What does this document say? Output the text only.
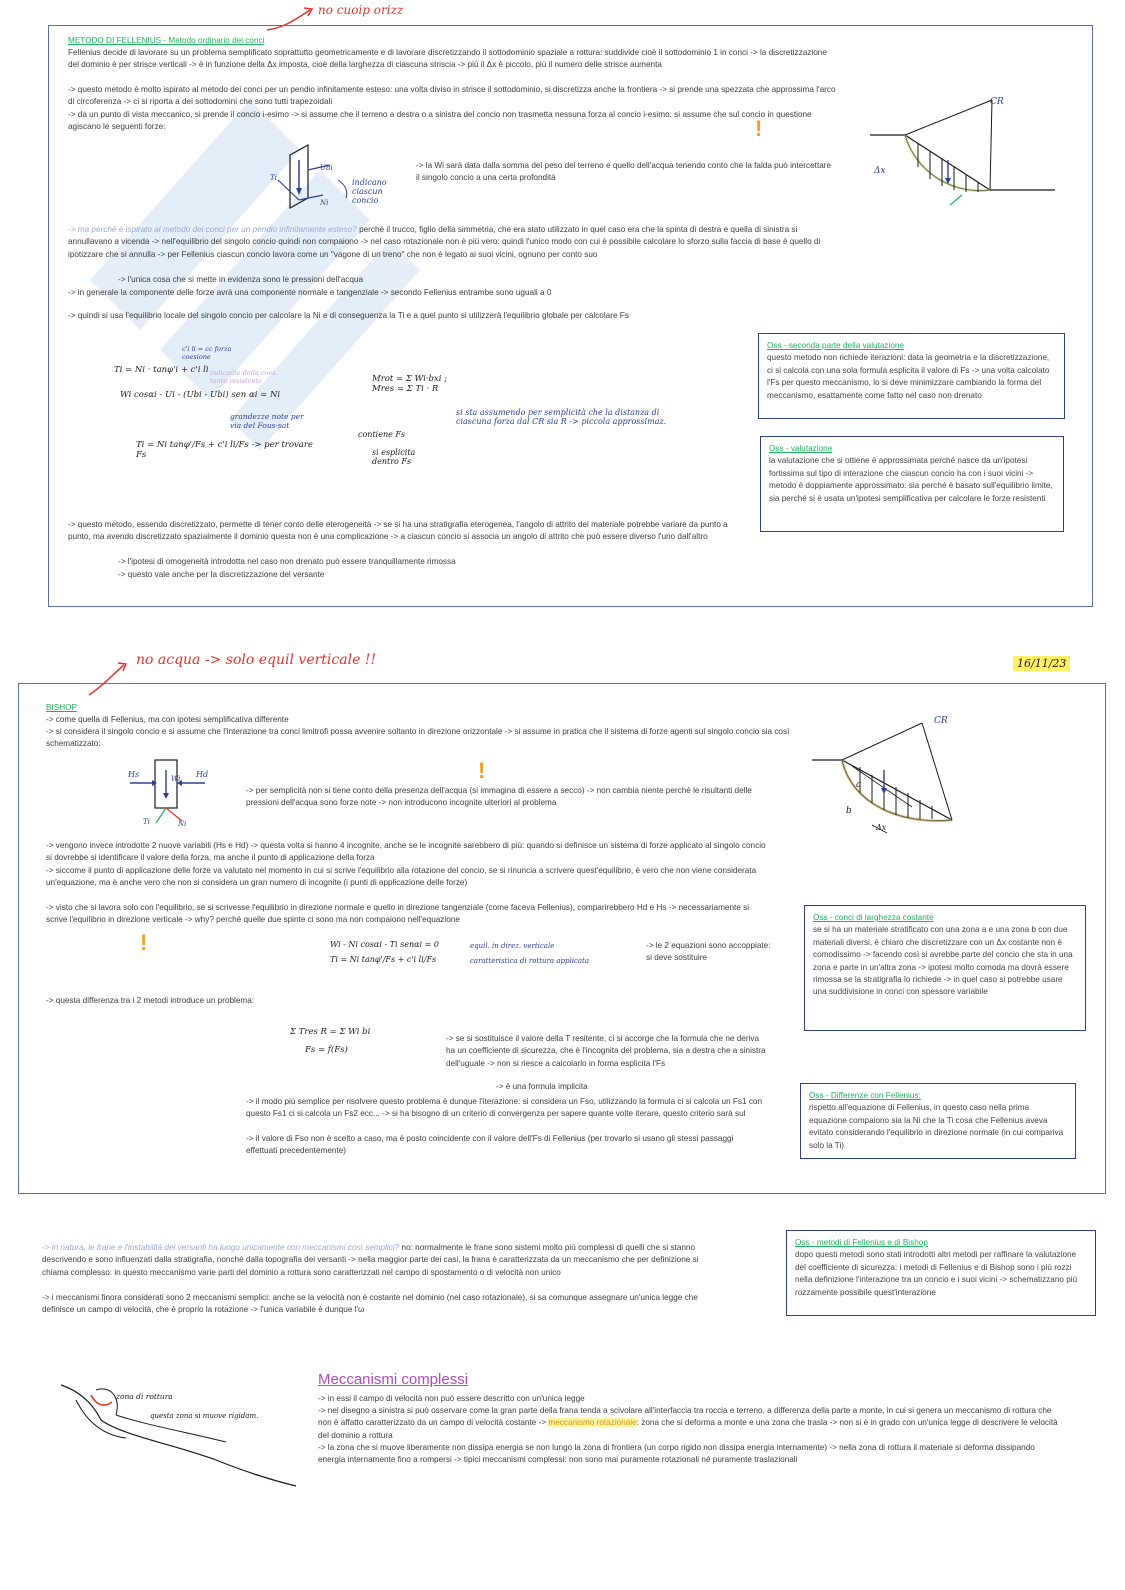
no cuoip orizz
METODO DI FELLENIUS - Metodo ordinario dei conci
Fellenius decide di lavorare su un problema semplificato soprattutto geometricamente e di lavorare discretizzando il sottodominio spaziale a rottura: suddivide cioè il sottodominio 1 in conci -> la discretizzazione del dominio è per strisce verticali -> è in funzione della Δx imposta, cioè della larghezza di ciascuna striscia -> più il Δx è piccolo, più il numero delle strisce aumenta
-> questo metodo è molto ispirato al metodo dei conci per un pendio infinitamente esteso: una volta diviso in strisce il sottodominio, si discretizza anche la frontiera -> si prende una spezzata che approssima l'arco di circoferenza -> ci si riporta a dei sottodomini che sono tutti trapezoidali
-> da un punto di vista meccanico, si prende il concio i-esimo -> si assume che il terreno a destra o a sinistra del concio non trasmetta nessuna forza al concio i-esimo: si assume che sul concio in questione agiscano le seguenti forze:	!
Ubi
Ti
Ni
indicano ciascun concio
-> la Wi sarà data dalla somma del peso del terreno e quello dell'acqua tenendo conto che la falda può intercettare il singolo concio a una certa profondità
CR
Δx
-> ma perché è ispirato al metodo dei conci per un pendio infinitamente esteso? perché il trucco, figlio della simmetria, che era stato utilizzato in quel caso era che la spinta di destra e quella di sinistra si annullavano a vicenda -> nell'equilibrio del singolo concio quindi non compaiono -> nel caso rotazionale non è più vero: quindi l'unico modo con cui è possibile calcolare lo sforzo sulla faccia di base è quello di ipotizzare che si annulla -> per Fellenius ciascun concio lavora come un "vagone di un treno" che non è legato ai suoi vicini, ognuno per conto suo
-> l'unica cosa che si mette in evidenza sono le pressioni dell'acqua
-> in generale la componente delle forze avrà una componente normale e tangenziale -> secondo Fellenius entrambe sono uguali a 0
-> quindi si usa l'equilibrio locale del singolo concio per calcolare la Ni e di conseguenza la Ti e a quel punto si utilizzerà l'equilibrio globale per calcolare Fs
c'i li = cc forza coesione
Ti = Ni · tanφ'i + c'i li indicante della coes. tante resistente
Wi cosαi - Ui - (Ubi - Ubi) sen αi = Ni
grandezze note per via del Fous-sat
Ti = Ni tanφ'/Fs + c'i li/Fs -> per trovare Fs
Mrot = Σ Wi·bxi ; Mres = Σ Ti · R
si sta assumendo per semplicità che la distanza di ciascuna forza dal CR sia R -> piccola approssimaz.
contiene Fs
si esplicita dentro Fs
Oss - seconda parte della valutazione
questo metodo non richiede iterazioni: data la geometria e la discretizzazione, ci si calcola con una sola formula esplicita il valore di Fs -> una volta calcolato l'Fs per questo meccanismo, lo si deve minimizzare cambiando la forma del meccanismo, esattamente come fatto nel caso non drenato
Oss - valutazione
la valutazione che si ottiene è approssimata perché nasce da un'ipotesi fortissima sul tipo di interazione che ciascun concio ha con i suoi vicini -> metodo è doppiamente approssimato: sia perché è basato sull'equilibrio limite, sia perché si è usata un'ipotesi semplificativa per calcolare le forze resistenti
-> questo metodo, essendo discretizzato, permette di tener conto delle eterogeneità -> se si ha una stratigrafia eterogenea, l'angolo di attrito del materiale potrebbe variare da punto a punto, ma avendo discretizzato spazialmente il dominio questa non è una complicazione -> a ciascun concio si associa un angolo di attrito che può essere diverso l'uno dall'altro
-> l'ipotesi di omogeneità introdotta nel caso non drenato può essere tranquillamente rimossa
-> questo vale anche per la discretizzazione del versante
no acqua -> solo equil verticale !!	16/11/23
BISHOP
-> come quella di Fellenius, ma con ipotesi semplificativa differente
-> si considera il singolo concio e si assume che l'interazione tra conci limitrofi possa avvenire soltanto in direzione orizzontale -> si assume in pratica che il sistema di forze agenti sul singolo concio sia così schematizzato:
Hs	Hd
Wi
Ti	Ni
!
-> per semplicità non si tiene conto della presenza dell'acqua (si immagina di essere a secco) -> non cambia niente perché le risultanti delle pressioni dell'acqua sono forze note -> non introducono incognite ulteriori al problema
CR
a
b
Δx
-> vengono invece introdotte 2 nuove variabili (Hs e Hd) -> questa volta si hanno 4 incognite, anche se le incognite sarebbero di più: quando si definisce un sistema di forze applicato al singolo concio si dovrebbe si identificare il valore della forza, ma anche il punto di applicazione della forza
-> siccome il punto di applicazione delle forze va valutato nel momento in cui si scrive l'equilibrio alla rotazione del concio, se si rinuncia a scrivere quest'equilibrio, è vero che non viene considerata un'equazione, ma è anche vero che non si considera un gran numero di incognite (i punti di applicazione delle forze)
-> visto che si lavora solo con l'equilibrio, se si scrivesse l'equilibrio in direzione normale e quello in direzione tangenziale (come faceva Fellenius), comparirebbero Hd e Hs -> necessariamente si scrive l'equilibrio in direzione verticale -> why? perché quelle due spinte ci sono ma non compaiono nell'equazione
!	Wi - Ni cosαi - Ti senαi = 0
Ti = Ni tanφ'/Fs + c'i li/Fs
equil. in direz. verticale
caratteristica di rottura applicata
-> le 2 equazioni sono accoppiate: si deve sostituire
Oss - conci di larghezza costante
se si ha un materiale stratificato con una zona a e una zona b con due materiali diversi, è chiaro che discretizzare con un Δx costante non è comodissimo -> facendo così si avrebbe parte del concio che sta in una zona e parte in un'altra zona -> ipotesi molto comoda ma dovrà essere rimossa se la stratigrafia lo richiede -> in quel caso si potrebbe usare una suddivisione in conci con spessore variabile
-> questa differenza tra i 2 metodi introduce un problema:
Σ Tres R = Σ Wi bi
Fs = f(Fs)
-> se si sostituisce il valore della T resitente, ci si accorge che la formula che ne deriva ha un coefficiente di sicurezza, che è l'incognita del problema, sia a destra che a sinistra dell'uguale -> non si riesce a calcolarlo in forma esplicita l'Fs
-> è una formula implicita
Oss - Differenze con Fellenius:
rispetto all'equazione di Fellenius, in questo caso nella prima equazione compaiono sia la Ni che la Ti cosa che Fellenius aveva evitato considerando l'equilibrio in direzione normale (in cui compariva solo la Ti)
-> il modo più semplice per risolvere questo problema è dunque l'iterazione: si considera un Fso, utilizzando la formula ci si calcola un Fs1 con questo Fs1 ci si calcola un Fs2 ecc... -> si ha bisogno di un criterio di convergenza per sapere quante volte iterare, questo criterio sarà sul
-> il valore di Fso non è scelto a caso, ma è posto coincidente con il valore dell'Fs di Fellenius (per trovarlo si usano gli stessi passaggi effettuati precedentemente)
-> in natura, le frane e l'instabilità dei versanti ha luogo unicamente con meccanismi così semplici? no: normalmente le frane sono sistemi molto più complessi di quelli che si stanno descrivendo e sono influenzati dalla stratigrafia, nonché dalla topografia dei versanti -> nella maggior parte dei casi, la frana è caratterizzata da un meccanismo che per definizione si chiama complesso: in questo meccanismo varie parti del dominio a rottura sono caratterizzati nel campo di spostamento o di velocità non unico
-> i meccanismi finora considerati sono 2 meccanismi semplici: anche se la velocità non è costante nel dominio (nel caso rotazionale), si sa comunque assegnare un'unica legge che definisce un campo di velocità, che è proprio la rotazione -> l'unica variabile è dunque l'ω
Oss - metodi di Fellenius e di Bishop
dopo questi metodi sono stati introdotti altri metodi per raffinare la valutazione del coefficiente di sicurezza: i metodi di Fellenius e di Bishop sono i più rozzi nella definizione l'interazione tra un concio e i suoi vicini -> schematizzano più rozzamente possibile quest'interazione
zona di rottura
questa zona si muove rigidam.
Meccanismi complessi
-> in essi il campo di velocità non può essere descritto con un'unica legge
-> nel disegno a sinistra si può osservare come la gran parte della frana tenda a scivolare all'interfaccia tra roccia e terreno, a differenza della parte a monte, in cui si genera un meccanismo di rottura che non è affatto caratterizzato da un campo di velocità costante -> meccanismo rotazionale: zona che si deforma a monte e una zona che trasla -> non si è in grado con un'unica legge di descrivere le velocità del dominio a rottura
-> la zona che si muove liberamente non dissipa energia se non lungo la zona di frontiera (un corpo rigido non dissipa energia internamente) -> nella zona di rottura il materiale si deforma dissipando energia internamente fino a rompersi -> tipici meccanismi complessi: non sono mai puramente rotazionali né puramente traslazionali
